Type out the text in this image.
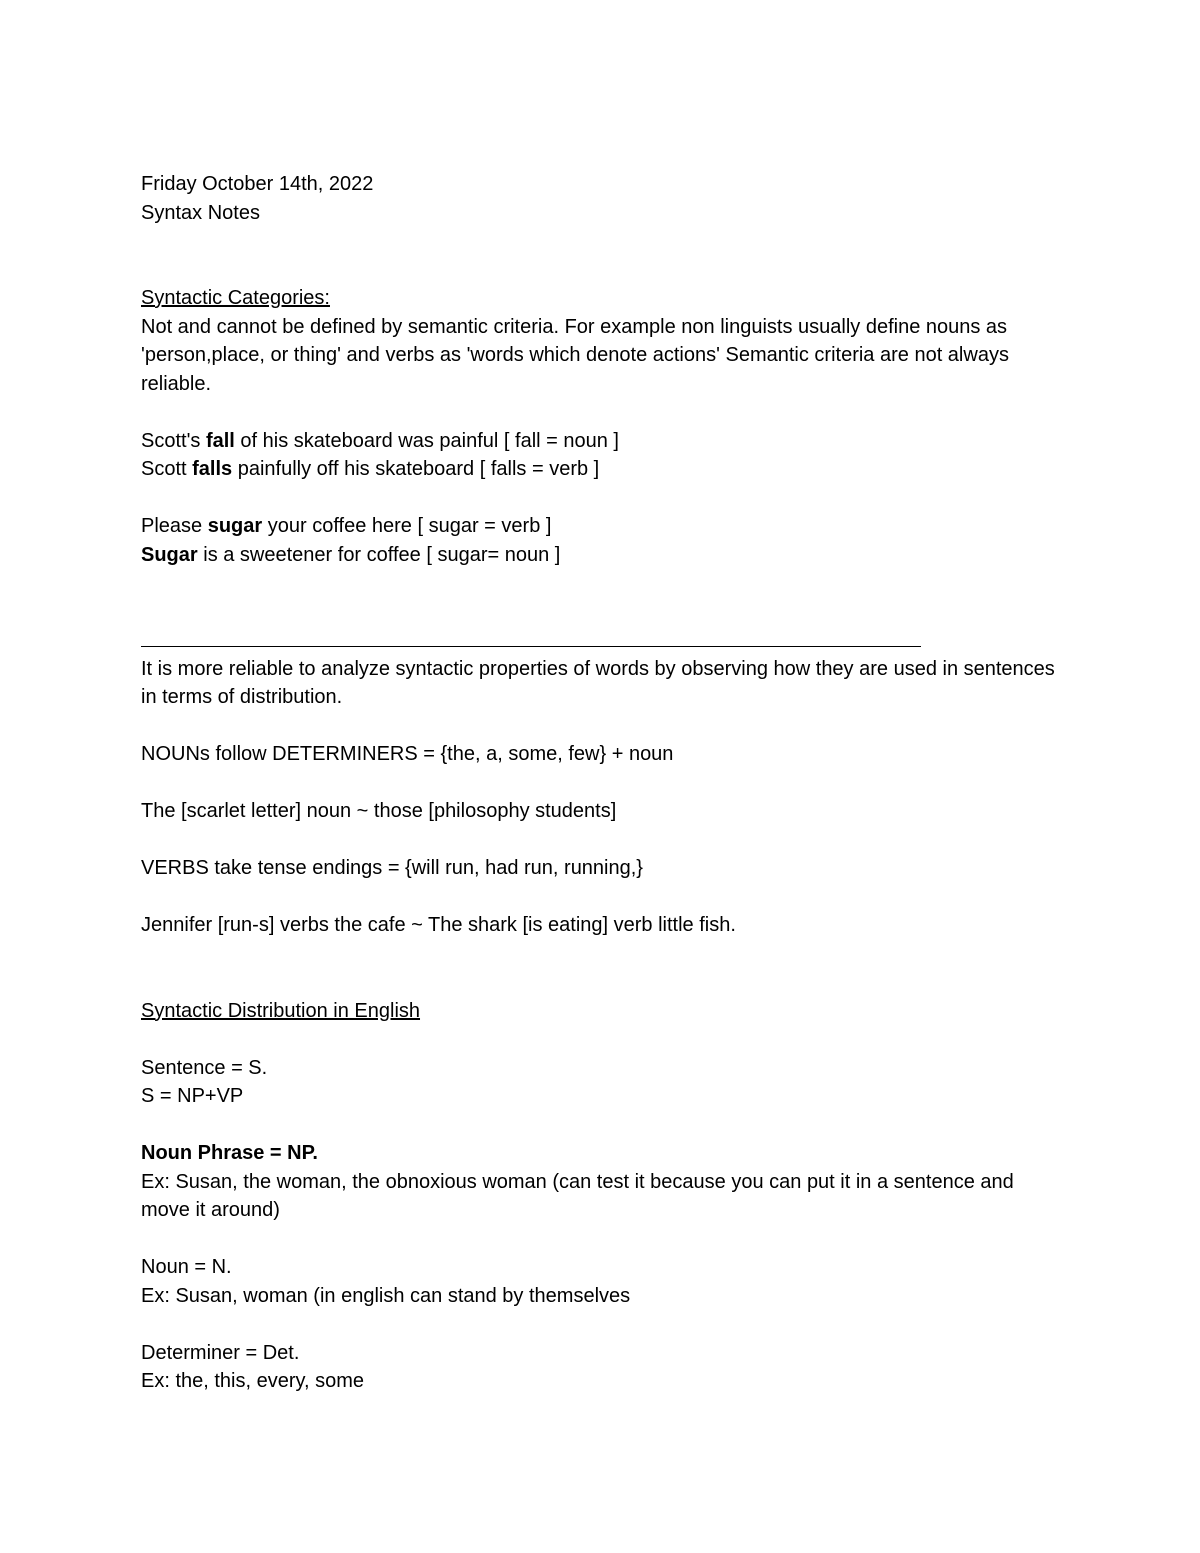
Friday October 14th, 2022
Syntax Notes
Syntactic Categories:
Not and cannot be defined by semantic criteria. For example non linguists usually define nouns as 'person,place, or thing' and verbs as 'words which denote actions' Semantic criteria are not always reliable.
Scott's fall of his skateboard was painful [ fall = noun ]
Scott falls painfully off his skateboard [ falls = verb ]
Please sugar your coffee here [ sugar = verb ]
Sugar is a sweetener for coffee [ sugar= noun ]
It is more reliable to analyze syntactic properties of words by observing how they are used in sentences in terms of distribution.
NOUNs follow DETERMINERS = {the, a, some, few} + noun
The [scarlet letter] noun ~ those [philosophy students]
VERBS take tense endings = {will run, had run, running,}
Jennifer [run-s] verbs the cafe ~ The shark [is eating] verb little fish.
Syntactic Distribution in English
Sentence = S.
S = NP+VP
Noun Phrase = NP.
Ex: Susan, the woman, the obnoxious woman (can test it because you can put it in a sentence and move it around)
Noun = N.
Ex: Susan, woman (in english can stand by themselves
Determiner = Det.
Ex: the, this, every, some
